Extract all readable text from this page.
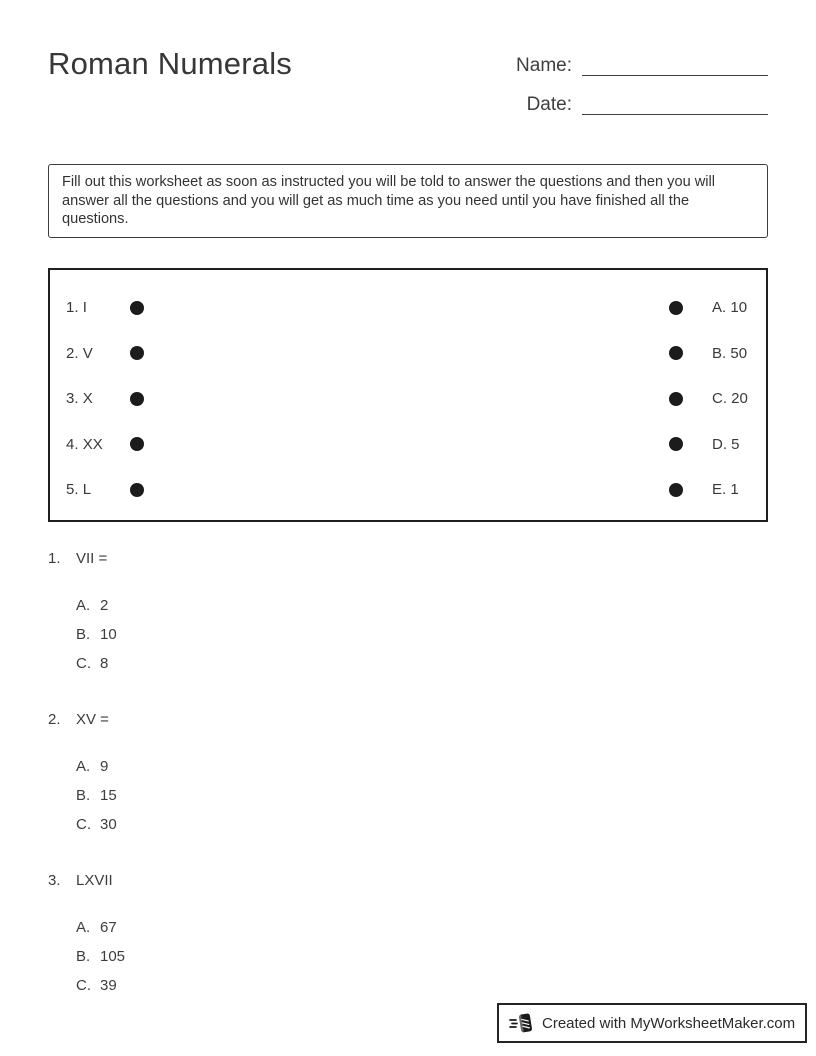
Roman Numerals	Name:
Date:
Fill out this worksheet as soon as instructed you will be told to answer the questions and then you will answer all the questions and you will get as much time as you need until you have finished all the questions.
1. I	A. 10
2. V	B. 50
3. X	C. 20
4. XX	D. 5
5. L	E. 1
1. VII =
A. 2
B. 10
C. 8
2. XV =
A. 9
B. 15
C. 30
3. LXVII
A. 67
B. 105
C. 39
Created with MyWorksheetMaker.com
